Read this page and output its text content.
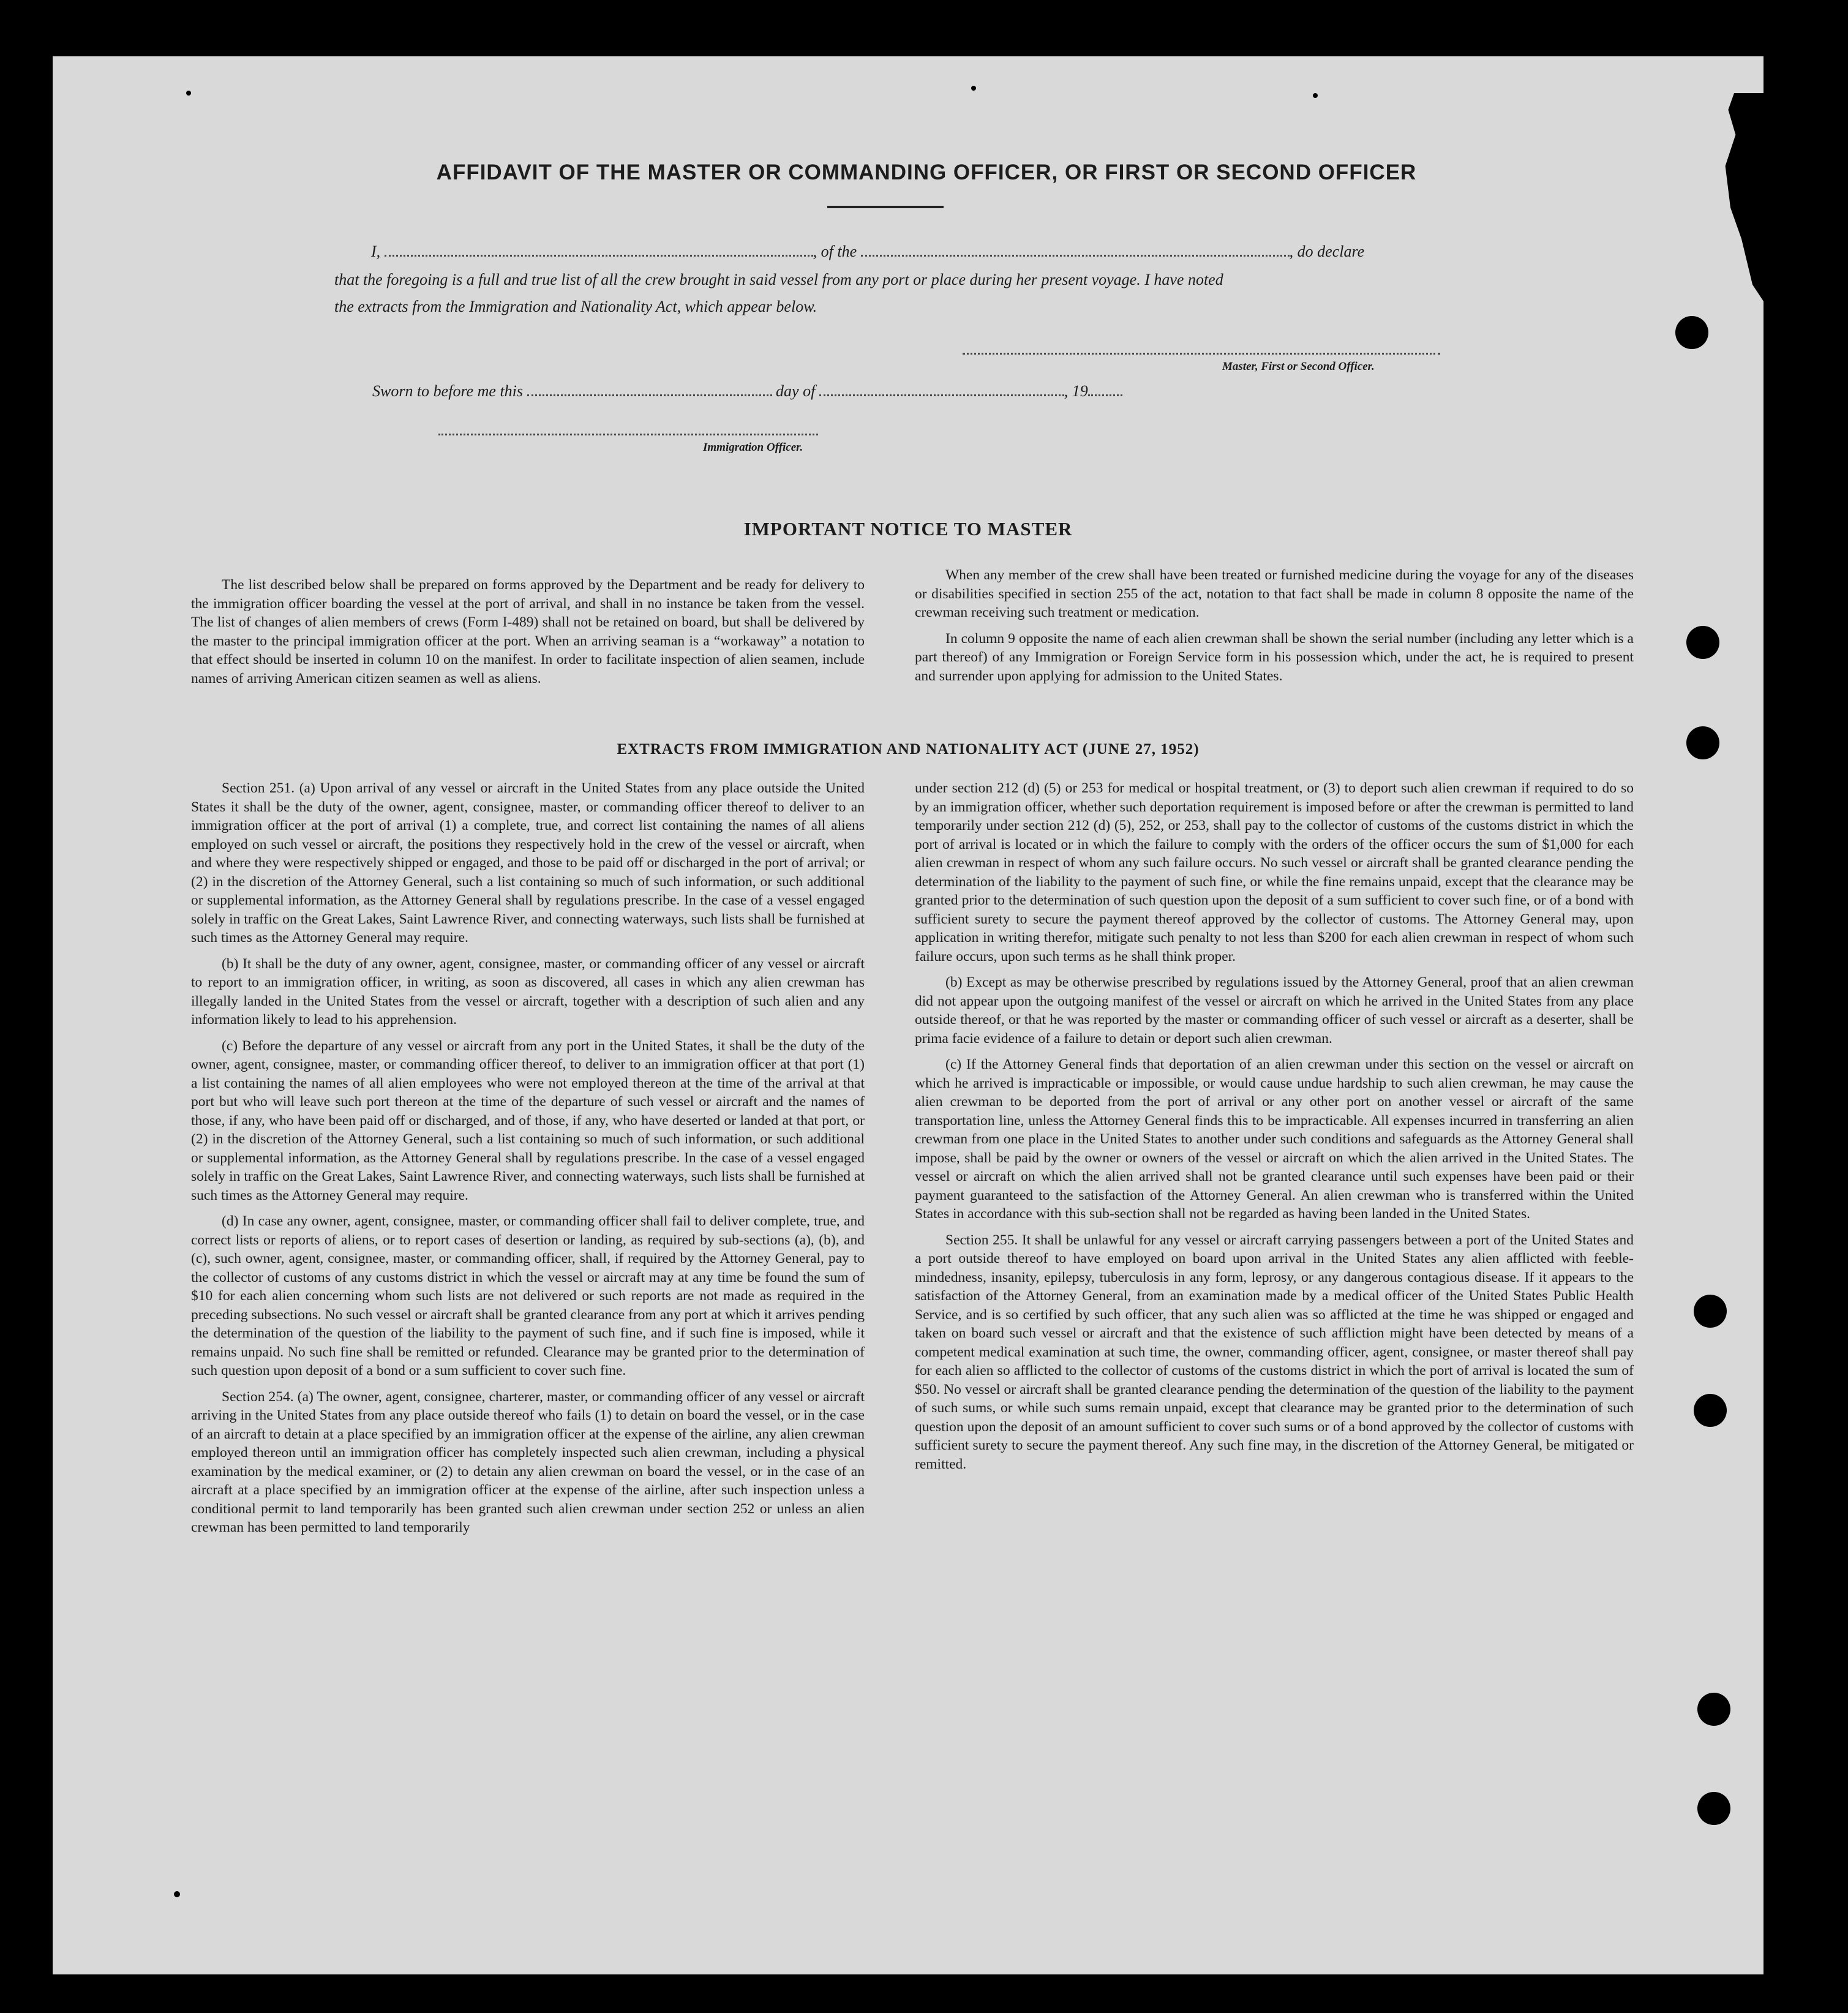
AFFIDAVIT OF THE MASTER OR COMMANDING OFFICER, OR FIRST OR SECOND OFFICER
I,	, of the	, do declare
that the foregoing is a full and true list of all the crew brought in said vessel from any port or place during her present voyage. I have noted
the extracts from the Immigration and Nationality Act, which appear below.
Master, First or Second Officer.
Sworn to before me this	day of	, 19
Immigration Officer.
IMPORTANT NOTICE TO MASTER

The list described below shall be prepared on forms approved by the Department and be ready for delivery to the immigration officer boarding the vessel at the port of arrival, and shall in no instance be taken from the vessel. The list of changes of alien members of crews (Form I-489) shall not be retained on board, but shall be delivered by the master to the principal immigration officer at the port. When an arriving seaman is a “workaway” a notation to that effect should be inserted in column 10 on the manifest. In order to facilitate inspection of alien seamen, include names of arriving American citizen seamen as well as aliens.

When any member of the crew shall have been treated or furnished medicine during the voyage for any of the diseases or disabilities specified in section 255 of the act, notation to that fact shall be made in column 8 opposite the name of the crewman receiving such treatment or medication.

In column 9 opposite the name of each alien crewman shall be shown the serial number (including any letter which is a part thereof) of any Immigration or Foreign Service form in his possession which, under the act, he is required to present and surrender upon applying for admission to the United States.

EXTRACTS FROM IMMIGRATION AND NATIONALITY ACT (JUNE 27, 1952)

Section 251. (a) Upon arrival of any vessel or aircraft in the United States from any place outside the United States it shall be the duty of the owner, agent, consignee, master, or commanding officer thereof to deliver to an immigration officer at the port of arrival (1) a complete, true, and correct list containing the names of all aliens employed on such vessel or aircraft, the positions they respectively hold in the crew of the vessel or aircraft, when and where they were respectively shipped or engaged, and those to be paid off or discharged in the port of arrival; or (2) in the discretion of the Attorney General, such a list containing so much of such information, or such additional or supplemental information, as the Attorney General shall by regulations prescribe. In the case of a vessel engaged solely in traffic on the Great Lakes, Saint Lawrence River, and connecting waterways, such lists shall be furnished at such times as the Attorney General may require.

(b) It shall be the duty of any owner, agent, consignee, master, or commanding officer of any vessel or aircraft to report to an immigration officer, in writing, as soon as discovered, all cases in which any alien crewman has illegally landed in the United States from the vessel or aircraft, together with a description of such alien and any information likely to lead to his apprehension.

(c) Before the departure of any vessel or aircraft from any port in the United States, it shall be the duty of the owner, agent, consignee, master, or commanding officer thereof, to deliver to an immigration officer at that port (1) a list containing the names of all alien employees who were not employed thereon at the time of the arrival at that port but who will leave such port thereon at the time of the departure of such vessel or aircraft and the names of those, if any, who have been paid off or discharged, and of those, if any, who have deserted or landed at that port, or (2) in the discretion of the Attorney General, such a list containing so much of such information, or such additional or supplemental information, as the Attorney General shall by regulations prescribe. In the case of a vessel engaged solely in traffic on the Great Lakes, Saint Lawrence River, and connecting waterways, such lists shall be furnished at such times as the Attorney General may require.

(d) In case any owner, agent, consignee, master, or commanding officer shall fail to deliver complete, true, and correct lists or reports of aliens, or to report cases of desertion or landing, as required by sub-sections (a), (b), and (c), such owner, agent, consignee, master, or commanding officer, shall, if required by the Attorney General, pay to the collector of customs of any customs district in which the vessel or aircraft may at any time be found the sum of $10 for each alien concerning whom such lists are not delivered or such reports are not made as required in the preceding subsections. No such vessel or aircraft shall be granted clearance from any port at which it arrives pending the determination of the question of the liability to the payment of such fine, and if such fine is imposed, while it remains unpaid. No such fine shall be remitted or refunded. Clearance may be granted prior to the determination of such question upon deposit of a bond or a sum sufficient to cover such fine.

Section 254. (a) The owner, agent, consignee, charterer, master, or commanding officer of any vessel or aircraft arriving in the United States from any place outside thereof who fails (1) to detain on board the vessel, or in the case of an aircraft to detain at a place specified by an immigration officer at the expense of the airline, any alien crewman employed thereon until an immigration officer has completely inspected such alien crewman, including a physical examination by the medical examiner, or (2) to detain any alien crewman on board the vessel, or in the case of an aircraft at a place specified by an immigration officer at the expense of the airline, after such inspection unless a conditional permit to land temporarily has been granted such alien crewman under section 252 or unless an alien crewman has been permitted to land temporarily

under section 212 (d) (5) or 253 for medical or hospital treatment, or (3) to deport such alien crewman if required to do so by an immigration officer, whether such deportation requirement is imposed before or after the crewman is permitted to land temporarily under section 212 (d) (5), 252, or 253, shall pay to the collector of customs of the customs district in which the port of arrival is located or in which the failure to comply with the orders of the officer occurs the sum of $1,000 for each alien crewman in respect of whom any such failure occurs. No such vessel or aircraft shall be granted clearance pending the determination of the liability to the payment of such fine, or while the fine remains unpaid, except that the clearance may be granted prior to the determination of such question upon the deposit of a sum sufficient to cover such fine, or of a bond with sufficient surety to secure the payment thereof approved by the collector of customs. The Attorney General may, upon application in writing therefor, mitigate such penalty to not less than $200 for each alien crewman in respect of whom such failure occurs, upon such terms as he shall think proper.

(b) Except as may be otherwise prescribed by regulations issued by the Attorney General, proof that an alien crewman did not appear upon the outgoing manifest of the vessel or aircraft on which he arrived in the United States from any place outside thereof, or that he was reported by the master or commanding officer of such vessel or aircraft as a deserter, shall be prima facie evidence of a failure to detain or deport such alien crewman.

(c) If the Attorney General finds that deportation of an alien crewman under this section on the vessel or aircraft on which he arrived is impracticable or impossible, or would cause undue hardship to such alien crewman, he may cause the alien crewman to be deported from the port of arrival or any other port on another vessel or aircraft of the same transportation line, unless the Attorney General finds this to be impracticable. All expenses incurred in transferring an alien crewman from one place in the United States to another under such conditions and safeguards as the Attorney General shall impose, shall be paid by the owner or owners of the vessel or aircraft on which the alien arrived in the United States. The vessel or aircraft on which the alien arrived shall not be granted clearance until such expenses have been paid or their payment guaranteed to the satisfaction of the Attorney General. An alien crewman who is transferred within the United States in accordance with this sub-section shall not be regarded as having been landed in the United States.

Section 255. It shall be unlawful for any vessel or aircraft carrying passengers between a port of the United States and a port outside thereof to have employed on board upon arrival in the United States any alien afflicted with feeble-mindedness, insanity, epilepsy, tuberculosis in any form, leprosy, or any dangerous contagious disease. If it appears to the satisfaction of the Attorney General, from an examination made by a medical officer of the United States Public Health Service, and is so certified by such officer, that any such alien was so afflicted at the time he was shipped or engaged and taken on board such vessel or aircraft and that the existence of such affliction might have been detected by means of a competent medical examination at such time, the owner, commanding officer, agent, consignee, or master thereof shall pay for each alien so afflicted to the collector of customs of the customs district in which the port of arrival is located the sum of $50. No vessel or aircraft shall be granted clearance pending the determination of the question of the liability to the payment of such sums, or while such sums remain unpaid, except that clearance may be granted prior to the determination of such question upon the deposit of an amount sufficient to cover such sums or of a bond approved by the collector of customs with sufficient surety to secure the payment thereof. Any such fine may, in the discretion of the Attorney General, be mitigated or remitted.
